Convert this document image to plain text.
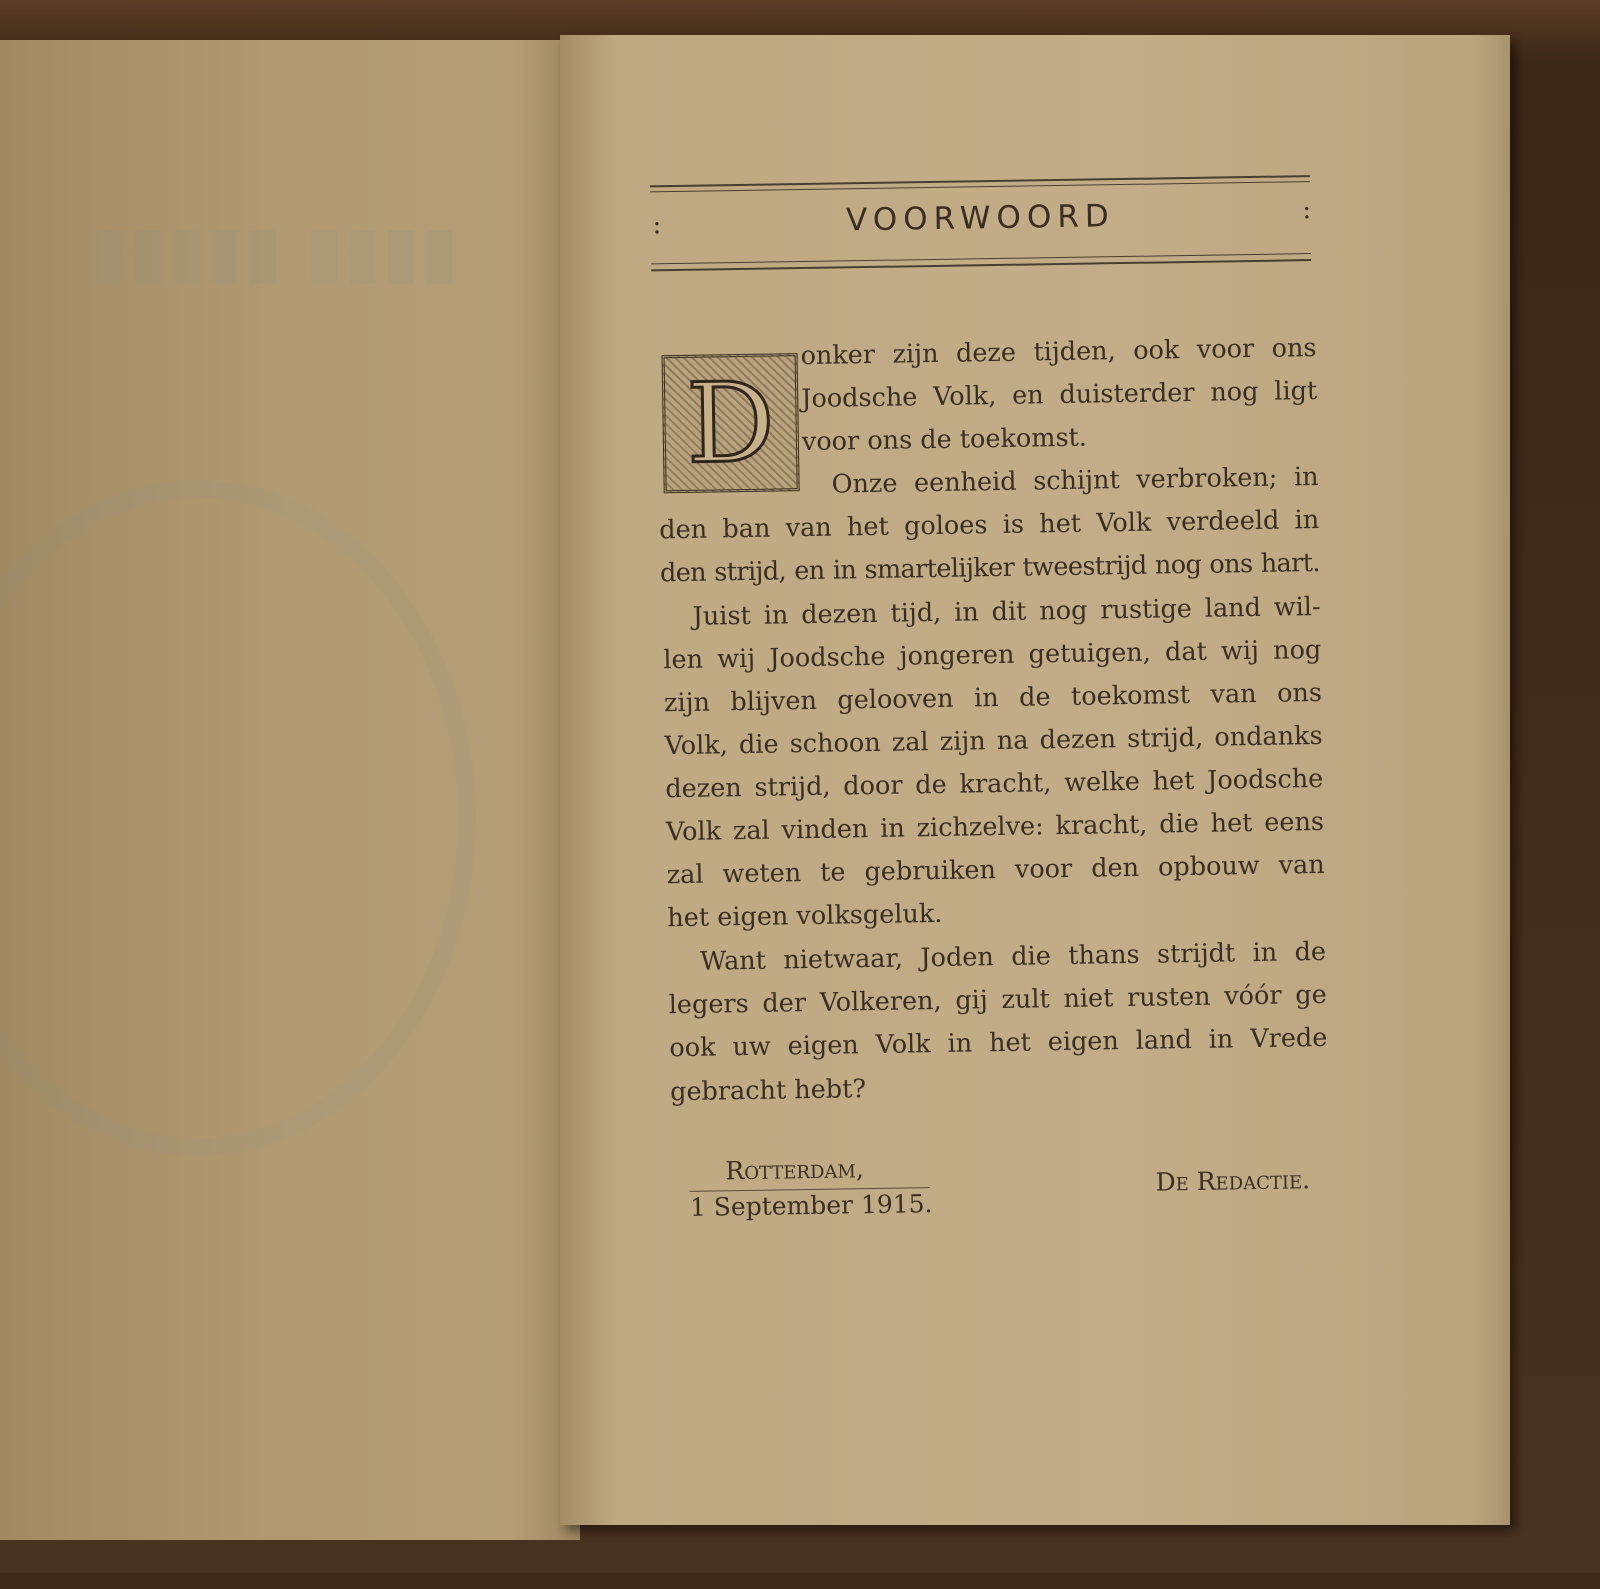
▮▮▮▮ ▮▮▮▮▮	:	VOORWOORD	:
D
onker zijn deze tijden, ook voor ons
Joodsche Volk, en duisterder nog ligt
voor ons de toekomst.
Onze eenheid schijnt verbroken; in
den ban van het goloes is het Volk verdeeld in
den strijd, en in smartelijker tweestrijd nog ons hart.
Juist in dezen tijd, in dit nog rustige land wil-
len wij Joodsche jongeren getuigen, dat wij nog
zijn blijven gelooven in de toekomst van ons
Volk, die schoon zal zijn na dezen strijd, ondanks
dezen strijd, door de kracht, welke het Joodsche
Volk zal vinden in zichzelve: kracht, die het eens
zal weten te gebruiken voor den opbouw van
het eigen volksgeluk.
Want nietwaar, Joden die thans strijdt in de
legers der Volkeren, gij zult niet rusten vóór ge
ook uw eigen Volk in het eigen land in Vrede
gebracht hebt?
Rotterdam,
1 September 1915.
De Redactie.
